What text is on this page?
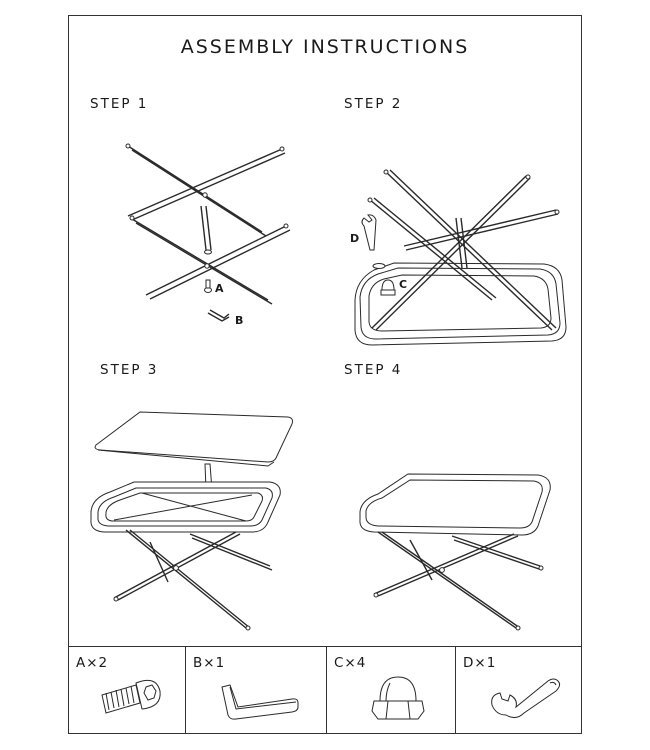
ASSEMBLY INSTRUCTIONS
STEP 1	STEP 2
STEP 3	STEP 4
A
B
C
D
A×2	B×1	C×4	D×1
